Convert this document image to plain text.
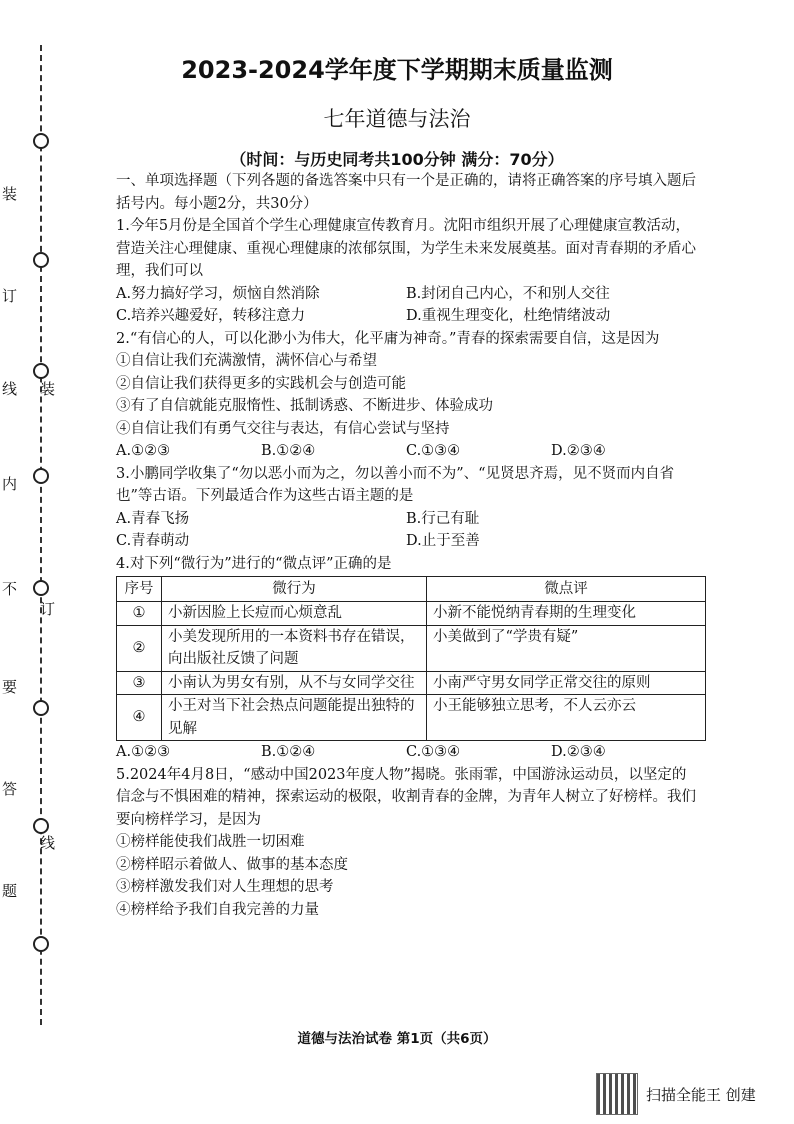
装
订
线
内
不
要
答
题
装
订
线
2023-2024学年度下学期期末质量监测
七年道德与法治
（时间：与历史同考共100分钟 满分：70分）

一、单项选择题（下列各题的备选答案中只有一个是正确的，请将正确答案的序号填入题后括号内。每小题2分，共30分）

1.今年5月份是全国首个学生心理健康宣传教育月。沈阳市组织开展了心理健康宣教活动，营造关注心理健康、重视心理健康的浓郁氛围，为学生未来发展奠基。面对青春期的矛盾心理，我们可以

A.努力搞好学习，烦恼自然消除	B.封闭自己内心，不和别人交往
C.培养兴趣爱好，转移注意力	D.重视生理变化，杜绝情绪波动

2.“有信心的人，可以化渺小为伟大，化平庸为神奇。”青春的探索需要自信，这是因为

①自信让我们充满激情，满怀信心与希望

②自信让我们获得更多的实践机会与创造可能

③有了自信就能克服惰性、抵制诱惑、不断进步、体验成功

④自信让我们有勇气交往与表达，有信心尝试与坚持

A.①②③	B.①②④	C.①③④	D.②③④

3.小鹏同学收集了“勿以恶小而为之，勿以善小而不为”、“见贤思齐焉，见不贤而内自省也”等古语。下列最适合作为这些古语主题的是

A.青春飞扬	B.行己有耻
C.青春萌动	D.止于至善

4.对下列“微行为”进行的“微点评”正确的是

序号	微行为	微点评
①	小新因脸上长痘而心烦意乱	小新不能悦纳青春期的生理变化
②	小美发现所用的一本资料书存在错误，向出版社反馈了问题	小美做到了“学贵有疑”
③	小南认为男女有别，从不与女同学交往	小南严守男女同学正常交往的原则
④	小王对当下社会热点问题能提出独特的见解	小王能够独立思考，不人云亦云
A.①②③	B.①②④	C.①③④	D.②③④

5.2024年4月8日，“感动中国2023年度人物”揭晓。张雨霏，中国游泳运动员，以坚定的信念与不惧困难的精神，探索运动的极限，收割青春的金牌，为青年人树立了好榜样。我们要向榜样学习，是因为

①榜样能使我们战胜一切困难

②榜样昭示着做人、做事的基本态度

③榜样激发我们对人生理想的思考

④榜样给予我们自我完善的力量

道德与法治试卷 第1页（共6页）
扫描全能王 创建
